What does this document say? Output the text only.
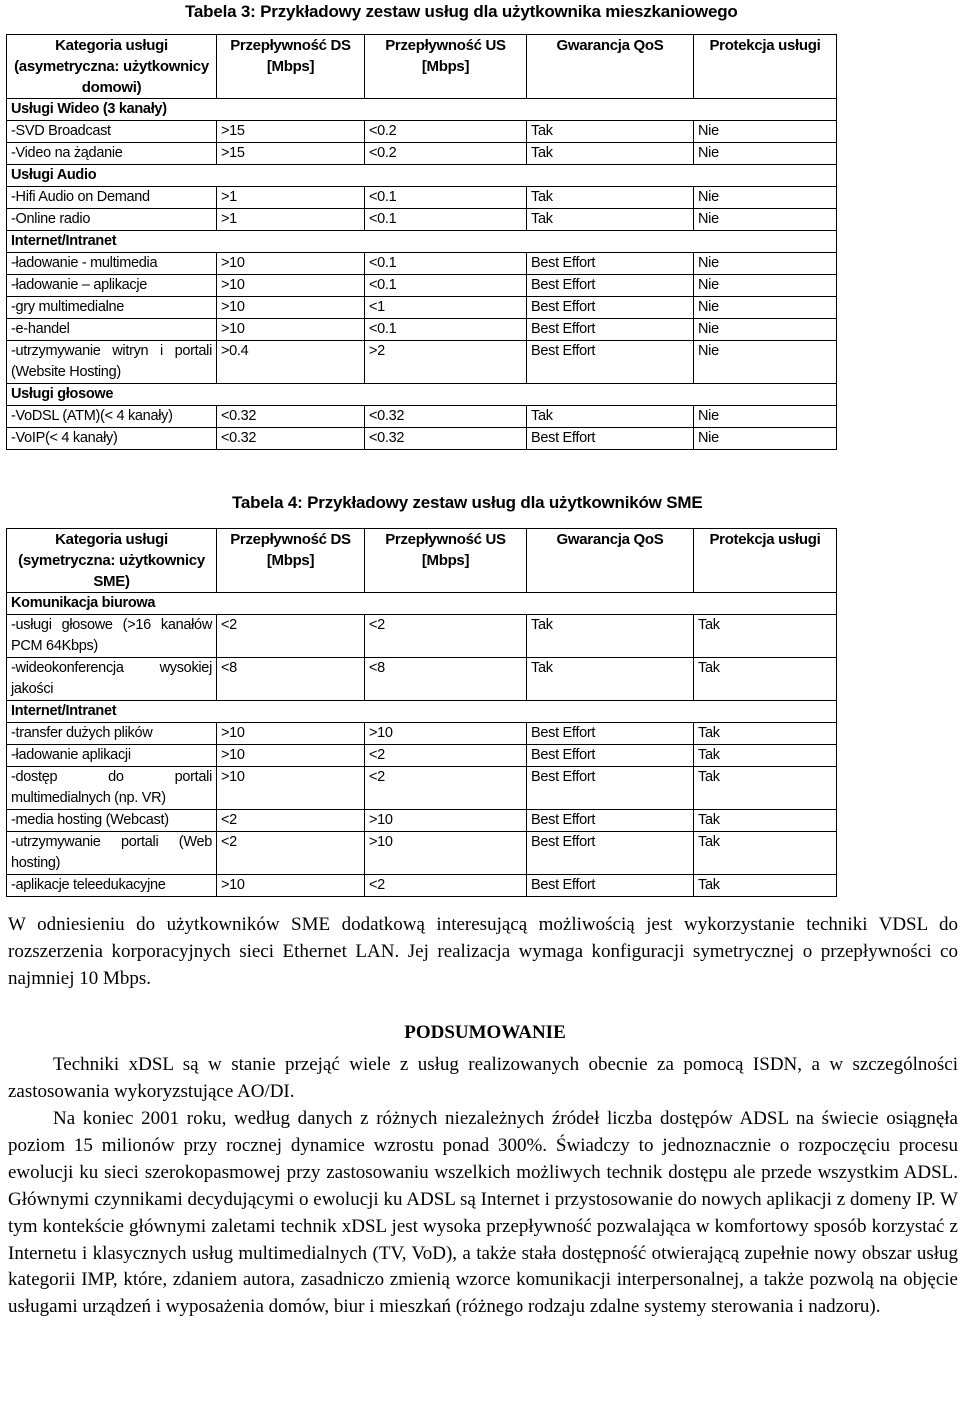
Tabela 3: Przykładowy zestaw usług dla użytkownika mieszkaniowego
Kategoria usługi (asymetryczna: użytkownicy domowi)	Przepływność DS [Mbps]	Przepływność US [Mbps]	Gwarancja QoS	Protekcja usługi
Usługi Wideo (3 kanały)				
-SVD Broadcast	>15	<0.2	Tak	Nie
-Video na żądanie	>15	<0.2	Tak	Nie
Usługi Audio				
-Hifi Audio on Demand	>1	<0.1	Tak	Nie
-Online radio	>1	<0.1	Tak	Nie
Internet/Intranet				
-ładowanie - multimedia	>10	<0.1	Best Effort	Nie
-ładowanie – aplikacje	>10	<0.1	Best Effort	Nie
-gry multimedialne	>10	<1	Best Effort	Nie
-e-handel	>10	<0.1	Best Effort	Nie
-utrzymywanie witryn i portali (Website Hosting)	>0.4	>2	Best Effort	Nie
Usługi głosowe				
-VoDSL (ATM)(< 4 kanały)	<0.32	<0.32	Tak	Nie
-VoIP(< 4 kanały)	<0.32	<0.32	Best Effort	Nie
Tabela 4: Przykładowy zestaw usług dla użytkowników SME
Kategoria usługi (symetryczna: użytkownicy SME)	Przepływność DS [Mbps]	Przepływność US [Mbps]	Gwarancja QoS	Protekcja usługi
Komunikacja biurowa				
-usługi głosowe (>16 kanałów PCM 64Kbps)	<2	<2	Tak	Tak
-wideokonferencja wysokiej jakości	<8	<8	Tak	Tak
Internet/Intranet				
-transfer dużych plików	>10	>10	Best Effort	Tak
-ładowanie aplikacji	>10	<2	Best Effort	Tak
-dostęp do portali multimedialnych (np. VR)	>10	<2	Best Effort	Tak
-media hosting (Webcast)	<2	>10	Best Effort	Tak
-utrzymywanie portali (Web hosting)	<2	>10	Best Effort	Tak
-aplikacje teleedukacyjne	>10	<2	Best Effort	Tak
W odniesieniu do użytkowników SME dodatkową interesującą możliwością jest wykorzystanie techniki VDSL do rozszerzenia korporacyjnych sieci Ethernet LAN. Jej realizacja wymaga konfiguracji symetrycznej o przepływności co najmniej 10 Mbps.
PODSUMOWANIE
Techniki xDSL są w stanie przejąć wiele z usług realizowanych obecnie za pomocą ISDN, a w szczególności zastosowania wykoryzstujące AO/DI.
Na koniec 2001 roku, według danych z różnych niezależnych źródeł liczba dostępów ADSL na świecie osiągnęła poziom 15 milionów przy rocznej dynamice wzrostu ponad 300%. Świadczy to jednoznacznie o rozpoczęciu procesu ewolucji ku sieci szerokopasmowej przy zastosowaniu wszelkich możliwych technik dostępu ale przede wszystkim ADSL. Głównymi czynnikami decydującymi o ewolucji ku ADSL są Internet i przystosowanie do nowych aplikacji z domeny IP. W tym kontekście głównymi zaletami technik xDSL jest wysoka przepływność pozwalająca w komfortowy sposób korzystać z Internetu i klasycznych usług multimedialnych (TV, VoD), a także stała dostępność otwierającą zupełnie nowy obszar usług kategorii IMP, które, zdaniem autora, zasadniczo zmienią wzorce komunikacji interpersonalnej, a także pozwolą na objęcie usługami urządzeń i wyposażenia domów, biur i mieszkań (różnego rodzaju zdalne systemy sterowania i nadzoru).
